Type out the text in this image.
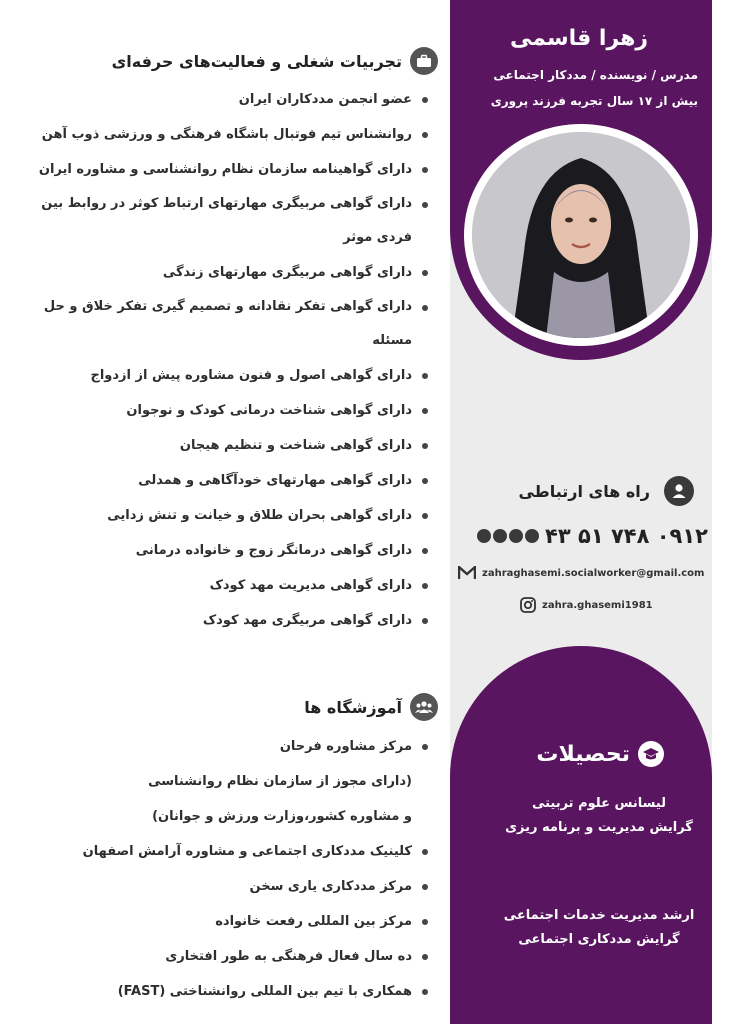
زهرا قاسمی
مدرس / نویسنده / مددکار اجتماعی
بیش از ۱۷ سال تجربه فرزند پروری
راه های ارتباطی
۰۹۱۲ ۷۴۸ ۵۱ ۴۳
zahraghasemi.socialworker@gmail.com
zahra.ghasemi1981
تحصیلات
لیسانس علوم تربیتی
گرایش مدیریت و برنامه ریزی
ارشد مدیریت خدمات اجتماعی
گرایش مددکاری اجتماعی
تجربیات شغلی و فعالیت‌های حرفه‌ای
عضو انجمن مددکاران ایران
روانشناس تیم فوتبال باشگاه فرهنگی و ورزشی ذوب آهن
دارای گواهینامه سازمان نظام روانشناسی و مشاوره ایران
دارای گواهی مربیگری مهارتهای ارتباط کوثر در روابط بین فردی موثر
دارای گواهی مربیگری مهارتهای زندگی
دارای گواهی تفکر نقادانه و تصمیم گیری تفکر خلاق و حل مسئله
دارای گواهی اصول و فنون مشاوره پیش از ازدواج
دارای گواهی شناخت درمانی کودک و نوجوان
دارای گواهی شناخت و تنظیم هیجان
دارای گواهی مهارتهای خودآگاهی و همدلی
دارای گواهی بحران طلاق و خیانت و تنش زدایی
دارای گواهی درمانگر زوج و خانواده درمانی
دارای گواهی مدیریت مهد کودک
دارای گواهی مربیگری مهد کودک
آموزشگاه ها
مرکز مشاوره فرحان
(دارای مجوز از سازمان نظام روانشناسی
و مشاوره کشور،وزارت ورزش و جوانان)
کلینیک مددکاری اجتماعی و مشاوره آرامش اصفهان
مرکز مددکاری یاری سخن
مرکز بین المللی رفعت خانواده
ده سال فعال فرهنگی به طور افتخاری
همکاری با تیم بین المللی روانشناختی (FAST)
